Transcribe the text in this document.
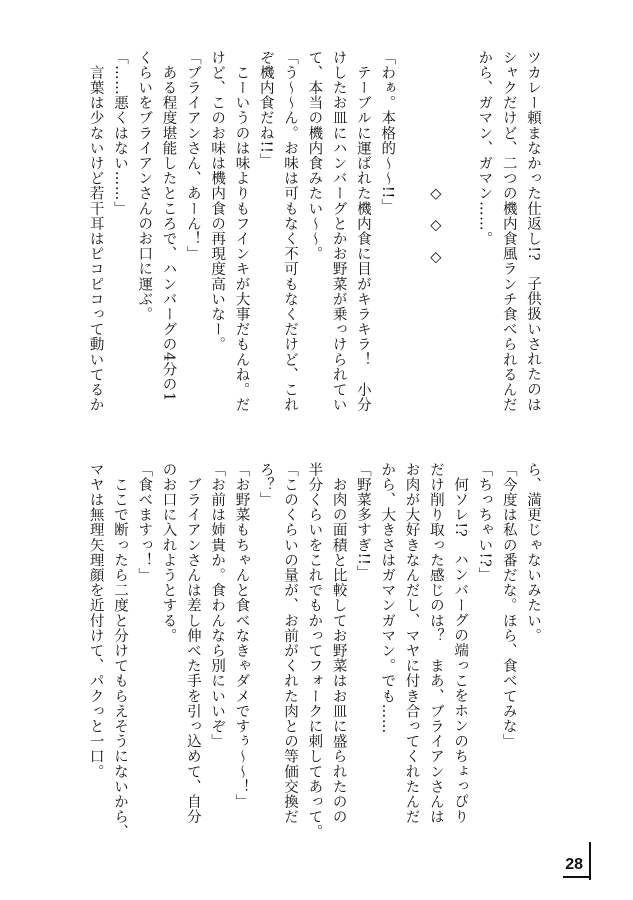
ツカレー頼まなかった仕返し!?　子供扱いされたのは
シャクだけど、二つの機内食風ランチ食べられるんだ
から、ガマン、ガマン……。

　　　　　　　　　◇　◇　◇

「わぁ。本格的〜〜!!」
　テーブルに運ばれた機内食に目がキラキラ！　小分
けしたお皿にハンバーグとかお野菜が乗っけられてい
て、本当の機内食みたい〜〜。
「う〜〜ん。お味は可もなく不可もなくだけど、これ
ぞ機内食だね!!」
　こーいうのは味よりもフインキが大事だもんね。だ
けど、このお味は機内食の再現度高いなー。
「ブライアンさん、あーん！」
　ある程度堪能したところで、ハンバーグの4分の1
くらいをブライアンさんのお口に運ぶ。
「……悪くはない……」
　言葉は少ないけど若干耳はピコピコって動いてるか
ら、満更じゃないみたい。
「今度は私の番だな。ほら、食べてみな」
「ちっちゃい!?」
　何ソレ!?　ハンバーグの端っこをホンのちょっぴり
だけ削り取った感じのは？　まあ、ブライアンさんは
お肉が大好きなんだし、マヤに付き合ってくれたんだ
から、大きさはガマンガマン。でも……
「野菜多すぎ!!」
　お肉の面積と比較してお野菜はお皿に盛られたのの
半分くらいをこれでもかってフォークに刺してあって。
「このくらいの量が、お前がくれた肉との等価交換だ
ろ？」
「お野菜もちゃんと食べなきゃダメですぅ〜〜！」
「お前は姉貴か。食わんなら別にいいぞ」
　ブライアンさんは差し伸べた手を引っ込めて、自分
のお口に入れようとする。
「食べますっ！」
　ここで断ったら二度と分けてもらえそうにないから、
マヤは無理矢理顔を近付けて、パクっと一口。
28
